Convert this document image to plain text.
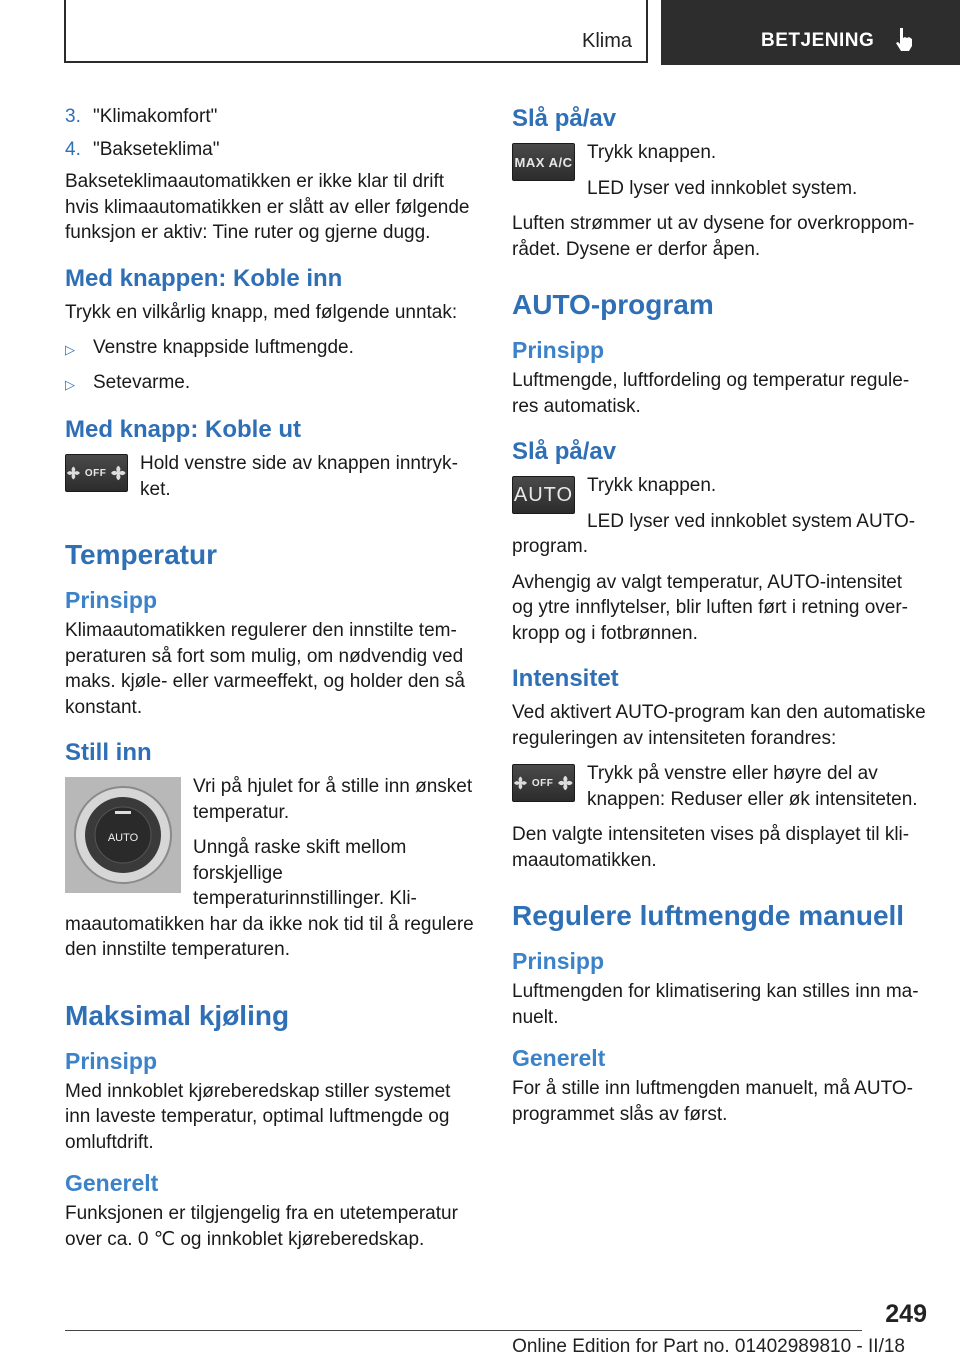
Klima	BETJENING
3. "Klimakomfort"
4. "Bakseteklima"

Bakseteklimaautomatikken er ikke klar til drift hvis klimaautomatikken er slått av eller følgende funksjon er aktiv: Tine ruter og gjerne dugg.

Med knappen: Koble inn

Trykk en vilkårlig knapp, med følgende unntak:

▷ Venstre knappside luftmengde.
▷ Setevarme.
Med knapp: Koble ut
OFF	Hold venstre side av knappen inntrykket.

Temperatur
Prinsipp

Klimaautomatikken regulerer den innstilte temperaturen så fort som mulig, om nødvendig ved maks. kjøle- eller varmeeffekt, og holder den så konstant.

Still inn
AUTO

Vri på hjulet for å stille inn ønsket temperatur.

Unngå raske skift mellom forskjellige temperaturinnstillinger. Klimaautomatikken har da ikke nok tid til å regulere den innstilte temperaturen.

Maksimal kjøling
Prinsipp

Med innkoblet kjøreberedskap stiller systemet inn laveste temperatur, optimal luftmengde og omluftdrift.

Generelt

Funksjonen er tilgjengelig fra en utetemperatur over ca. 0 ℃ og innkoblet kjøreberedskap.

Slå på/av
MAX A/C Trykk knappen.

LED lyser ved innkoblet system.

Luften strømmer ut av dysene for overkroppområdet. Dysene er derfor åpen.

AUTO-program
Prinsipp

Luftmengde, luftfordeling og temperatur reguleres automatisk.

Slå på/av
AUTO Trykk knappen.

LED lyser ved innkoblet system AUTO-program.

Avhengig av valgt temperatur, AUTO-intensitet og ytre innflytelser, blir luften ført i retning overkropp og i fotbrønnen.

Intensitet

Ved aktivert AUTO-program kan den automatiske reguleringen av intensiteten forandres:

OFF	Trykk på venstre eller høyre del av knappen: Reduser eller øk intensiteten.

Den valgte intensiteten vises på displayet til klimaautomatikken.

Regulere luftmengde manuell
Prinsipp

Luftmengden for klimatisering kan stilles inn manuelt.

Generelt

For å stille inn luftmengden manuelt, må AUTO-programmet slås av først.

249
Online Edition for Part no. 01402989810 - II/18
